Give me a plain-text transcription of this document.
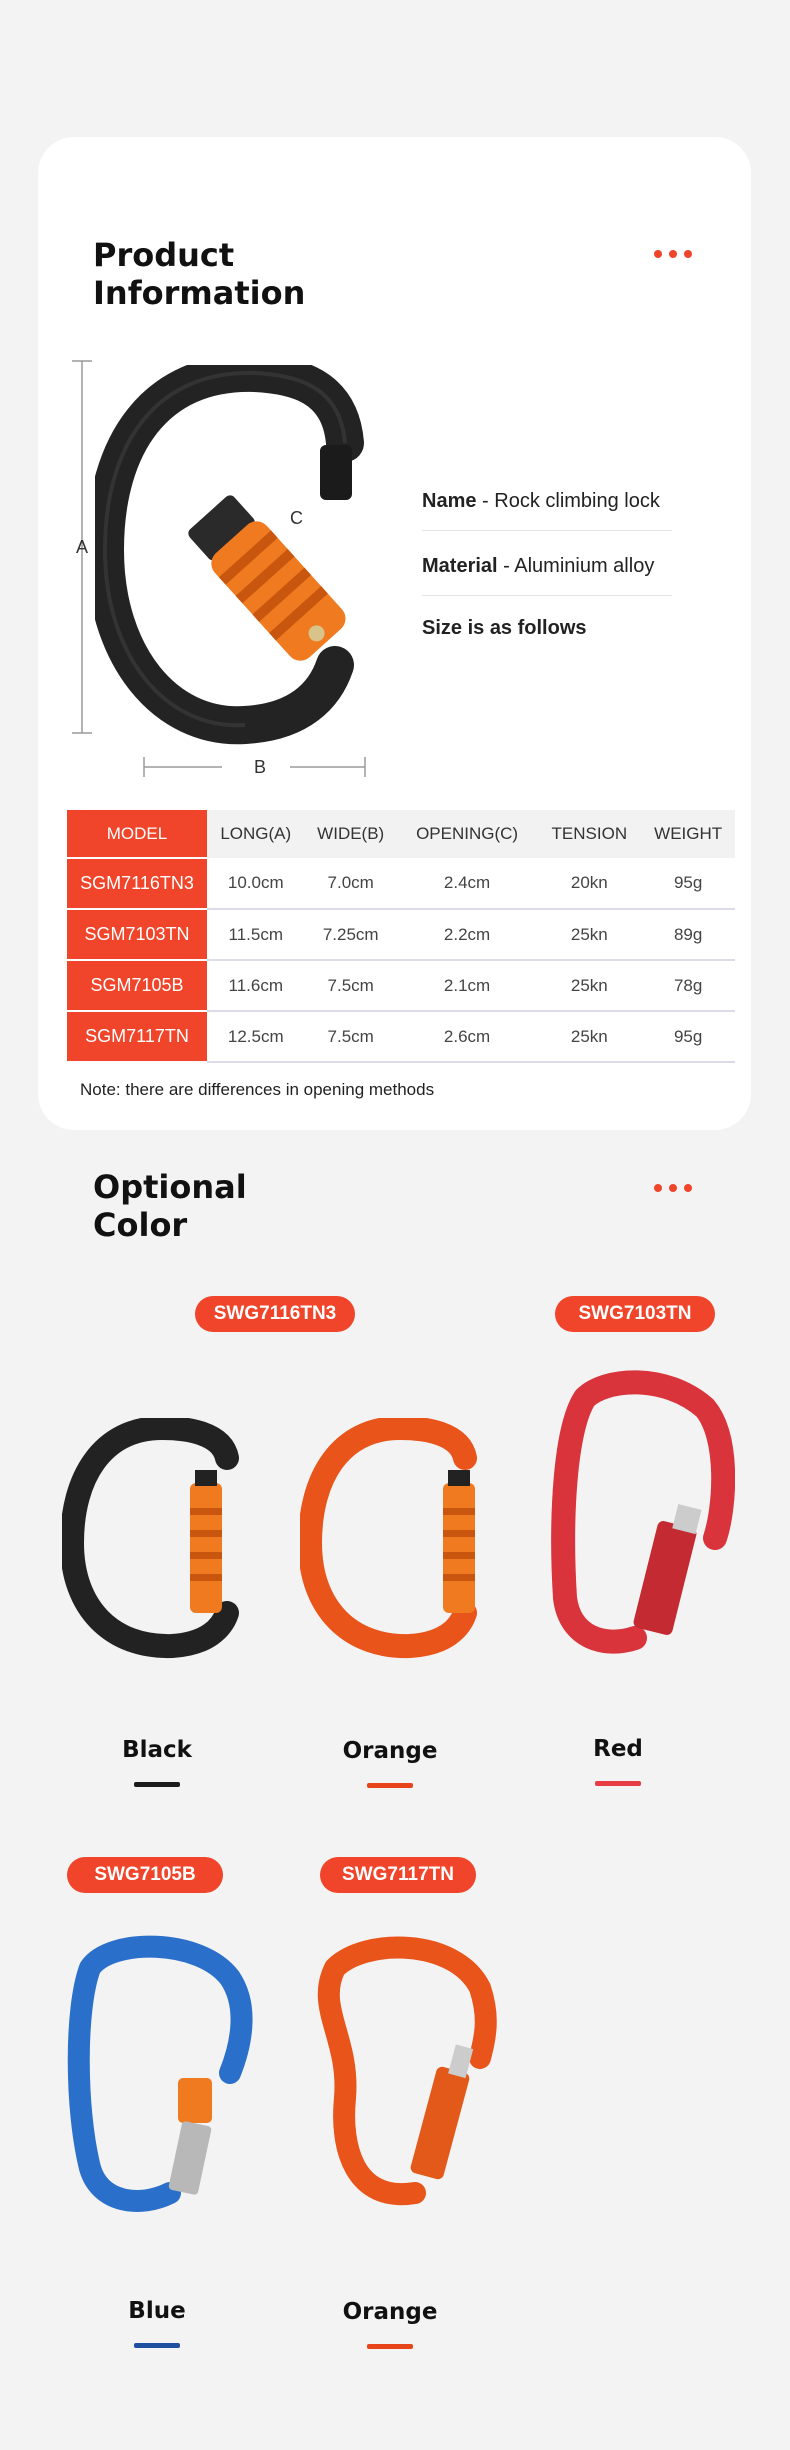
Product
Information
A
B
C
Name - Rock climbing lock
Material - Aluminium alloy
Size is as follows
MODEL	LONG(A)	WIDE(B)	OPENING(C)	TENSION	WEIGHT
SGM7116TN3	10.0cm	7.0cm	2.4cm	20kn	95g
SGM7103TN	11.5cm	7.25cm	2.2cm	25kn	89g
SGM7105B	11.6cm	7.5cm	2.1cm	25kn	78g
SGM7117TN	12.5cm	7.5cm	2.6cm	25kn	95g
Note: there are differences in opening methods
Optional
Color
SWG7116TN3	SWG7103TN
SWG7105B	SWG7117TN
Black	Orange	Red
Blue	Orange
